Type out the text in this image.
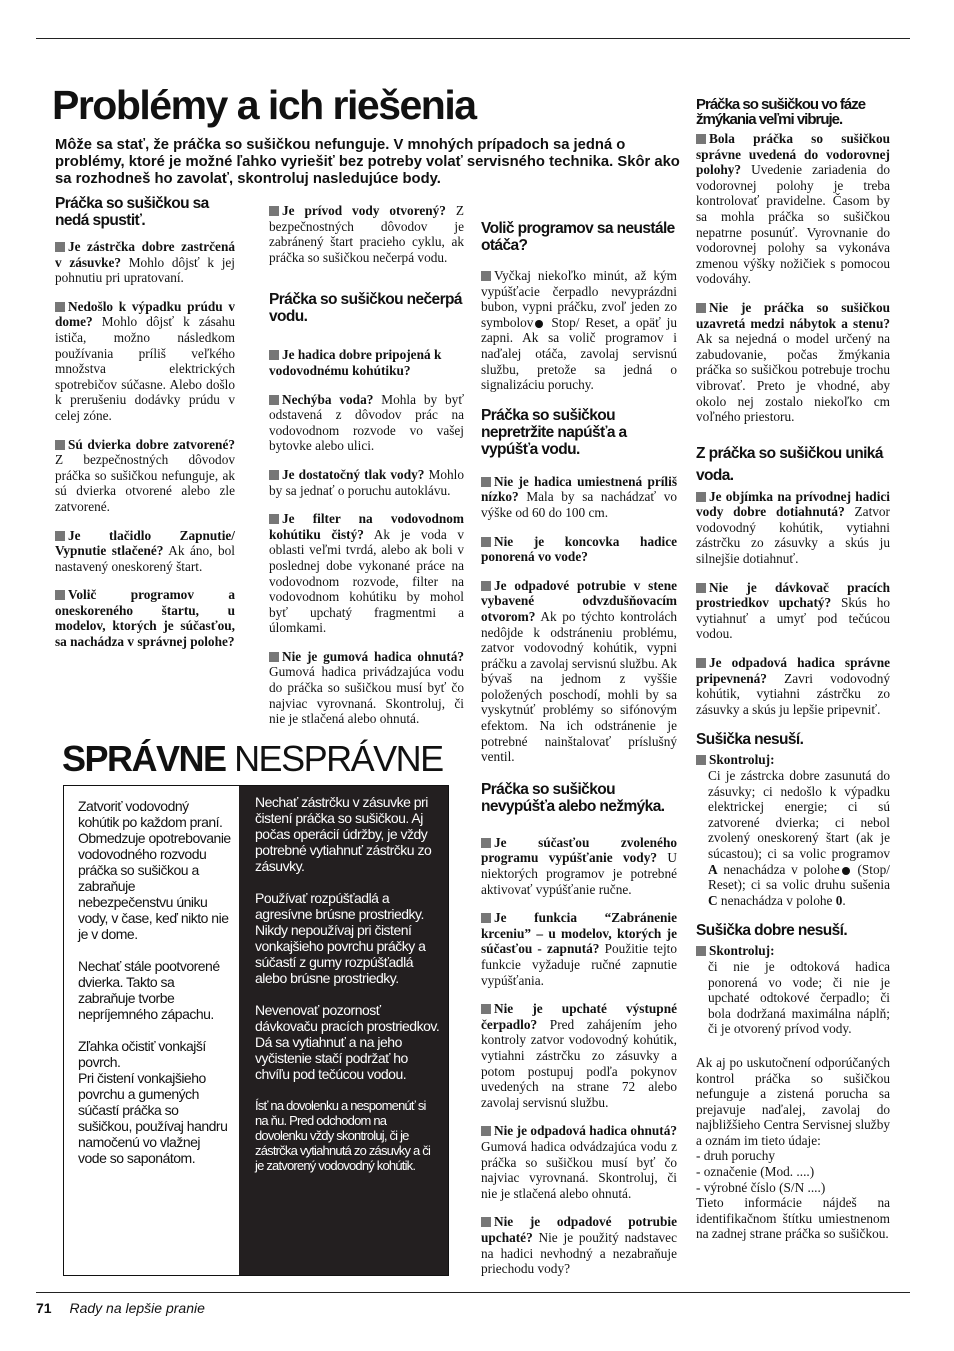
Problémy a ich riešenia

Môže sa stať, že práčka so sušičkou nefunguje. V mnohých prípadoch sa jedná o problémy, ktoré je možné ľahko vyriešiť bez potreby volať servisného technika. Skôr ako sa rozhodneš ho zavolať, skontroluj nasledujúce body.

Práčka so sušičkou sa nedá spustiť.

Je zástrčka dobre zastrčená v zásuvke? Mohlo dôjsť k jej pohnutiu pri upratovaní.

Nedošlo k výpadku prúdu v dome? Mohlo dôjsť k zásahu ističa, možno následkom používania príliš veľkého množstva elektrických spotrebičov súčasne. Alebo došlo k prerušeniu dodávky prúdu v celej zóne.

Sú dvierka dobre zatvorené? Z bezpečnostných dôvodov práčka so sušičkou nefunguje, ak sú dvierka otvorené alebo zle zatvorené.

Je tlačidlo Zapnutie/ Vypnutie stlačené? Ak áno, bol nastavený oneskorený štart.

Volič programov a oneskoreného štartu, u modelov, ktorých je súčasťou, sa nachádza v správnej polohe?

Je prívod vody otvorený? Z bezpečnostných dôvodov je zabránený štart pracieho cyklu, ak práčka so sušičkou nečerpá vodu.

Práčka so sušičkou nečerpá vodu.

Je hadica dobre pripojená k vodovodnému kohútiku?

Nechýba voda? Mohla by byť odstavená z dôvodov prác na vodovodnom rozvode vo vašej bytovke alebo ulici.

Je dostatočný tlak vody? Mohlo by sa jednať o poruchu autoklávu.

Je filter na vodovodnom kohútiku čistý? Ak je voda v oblasti veľmi tvrdá, alebo ak boli v poslednej dobe vykonané práce na vodovodnom rozvode, filter na vodovodnom kohútiku by mohol byť upchatý fragmentmi a úlomkami.

Nie je gumová hadica ohnutá? Gumová hadica privádzajúca vodu do práčka so sušičkou musí byť čo najviac vyrovnaná. Skontroluj, či nie je stlačená alebo ohnutá.

Volič programov sa neustále otáča?

Vyčkaj niekoľko minút, až kým vypúšťacie čerpadlo nevyprázdni bubon, vypni práčku, zvoľ jeden zo symbolov Stop/ Reset, a opäť ju zapni. Ak sa volič programov i naďalej otáča, zavolaj servisnú službu, pretože sa jedná o signalizáciu poruchy.

Práčka so sušičkou nepretržite napúšťa a vypúšťa vodu.

Nie je hadica umiestnená príliš nízko? Mala by sa nachádzať vo výške od 60 do 100 cm.

Nie je koncovka hadice ponorená vo vode?

Je odpadové potrubie v stene vybavené odvzdušňovacím otvorom? Ak po týchto kontrolách nedôjde k odstráneniu problému, zatvor vodovodný kohútik, vypni práčku a zavolaj servisnú službu. Ak bývaš na jednom z vyššie položených poschodí, mohli by sa vyskytnúť problémy so sifónovým efektom. Na ich odstránenie je potrebné nainštalovať príslušný ventil.

Práčka so sušičkou nevypúšťa alebo nežmýka.

Je súčasťou zvoleného programu vypúšťanie vody? U niektorých programov je potrebné aktivovať vypúšťanie ručne.

Je funkcia “Zabránenie krceniu” – u modelov, ktorých je súčasťou - zapnutá? Použitie tejto funkcie vyžaduje ručné zapnutie vypúšťania.

Nie je upchaté výstupné čerpadlo? Pred zahájením jeho kontroly zatvor vodovodný kohútik, vytiahni zástrčku zo zásuvky a potom postupuj podľa pokynov uvedených na strane 72 alebo zavolaj servisnú službu.

Nie je odpadová hadica ohnutá? Gumová hadica odvádzajúca vodu z práčka so sušičkou musí byť čo najviac vyrovnaná. Skontroluj, či nie je stlačená alebo ohnutá.

Nie je odpadové potrubie upchaté? Nie je použitý nadstavec na hadici nevhodný a nezabraňuje priechodu vody?

Práčka so sušičkou vo fáze žmýkania veľmi vibruje.

Bola práčka so sušičkou správne uvedená do vodorovnej polohy? Uvedenie zariadenia do vodorovnej polohy je treba kontrolovať pravidelne. Časom by sa mohla práčka so sušičkou nepatrne posunúť. Vyrovnanie do vodorovnej polohy sa vykonáva zmenou výšky nožičiek s pomocou vodováhy.

Nie je práčka so sušičkou uzavretá medzi nábytok a stenu? Ak sa nejedná o model určený na zabudovanie, počas žmýkania práčka so sušičkou potrebuje trochu vibrovať. Preto je vhodné, aby okolo nej zostalo niekoľko cm voľného priestoru.

Z práčka so sušičkou uniká voda.

Je objímka na prívodnej hadici vody dobre dotiahnutá? Zatvor vodovodný kohútik, vytiahni zástrčku zo zásuvky a skús ju silnejšie dotiahnuť.

Nie je dávkovač pracích prostriedkov upchatý? Skús ho vytiahnuť a umyť pod tečúcou vodou.

Je odpadová hadica správne pripevnená? Zavri vodovodný kohútik, vytiahni zástrčku zo zásuvky a skús ju lepšie pripevniť.

Sušička nesuší.

Skontroluj:

Ci je zástrcka dobre zasunutá do zásuvky; ci nedošlo k výpadku elektrickej energie; ci sú zatvorené dvierka; ci nebol zvolený oneskorený štart (ak je súcastou); ci sa volic programov A nenachádza v polohe (Stop/ Reset); ci sa volic druhu sušenia C nenachádza v polohe 0.

Sušička dobre nesuší.

Skontroluj:

či nie je odtoková hadica ponorená vo vode; či nie je upchaté odtokové čerpadlo; či bola dodržaná maximálna náplň; či je otvorený prívod vody.

Ak aj po uskutočnení odporúčaných kontrol práčka so sušičkou nefunguje a zistená porucha sa prejavuje naďalej, zavolaj do najbližšieho Centra Servisnej služby a oznám im tieto údaje:

- druh poruchy
- označenie (Mod. ....)
- výrobné číslo (S/N ....)

Tieto informácie nájdeš na identifikačnom štítku umiestnenom na zadnej strane práčka so sušičkou.

SPRÁVNE NESPRÁVNE

Zatvoriť vodovodný kohútik po každom praní.
Obmedzuje opotrebovanie vodovodného rozvodu práčka so sušičkou a zabraňuje nebezpečenstvu úniku vody, v čase, keď nikto nie je v dome.

Nechať stále pootvorené dvierka. Takto sa zabraňuje tvorbe nepríjemného zápachu.

Zľahka očistiť vonkajší povrch.
Pri čistení vonkajšieho povrchu a gumených súčastí práčka so sušičkou, používaj handru namočenú vo vlažnej vode so saponátom.

Nechať zástrčku v zásuvke pri čistení práčka so sušičkou. Aj počas operácií údržby, je vždy potrebné vytiahnuť zástrčku zo zásuvky.

Používať rozpúšťadlá a agresívne brúsne prostriedky. Nikdy nepoužívaj pri čistení vonkajšieho povrchu práčky a súčastí z gumy rozpúšťadlá alebo brúsne prostriedky.

Nevenovať pozornosť dávkovaču pracích prostriedkov. Dá sa vytiahnuť a na jeho vyčistenie stačí podržať ho chvíľu pod tečúcou vodou.

Ísť na dovolenku a nespomenúť si na ňu. Pred odchodom na dovolenku vždy skontroluj, či je zástrčka vytiahnutá zo zásuvky a či je zatvorený vodovodný kohútik.

71 Rady na lepšie pranie
